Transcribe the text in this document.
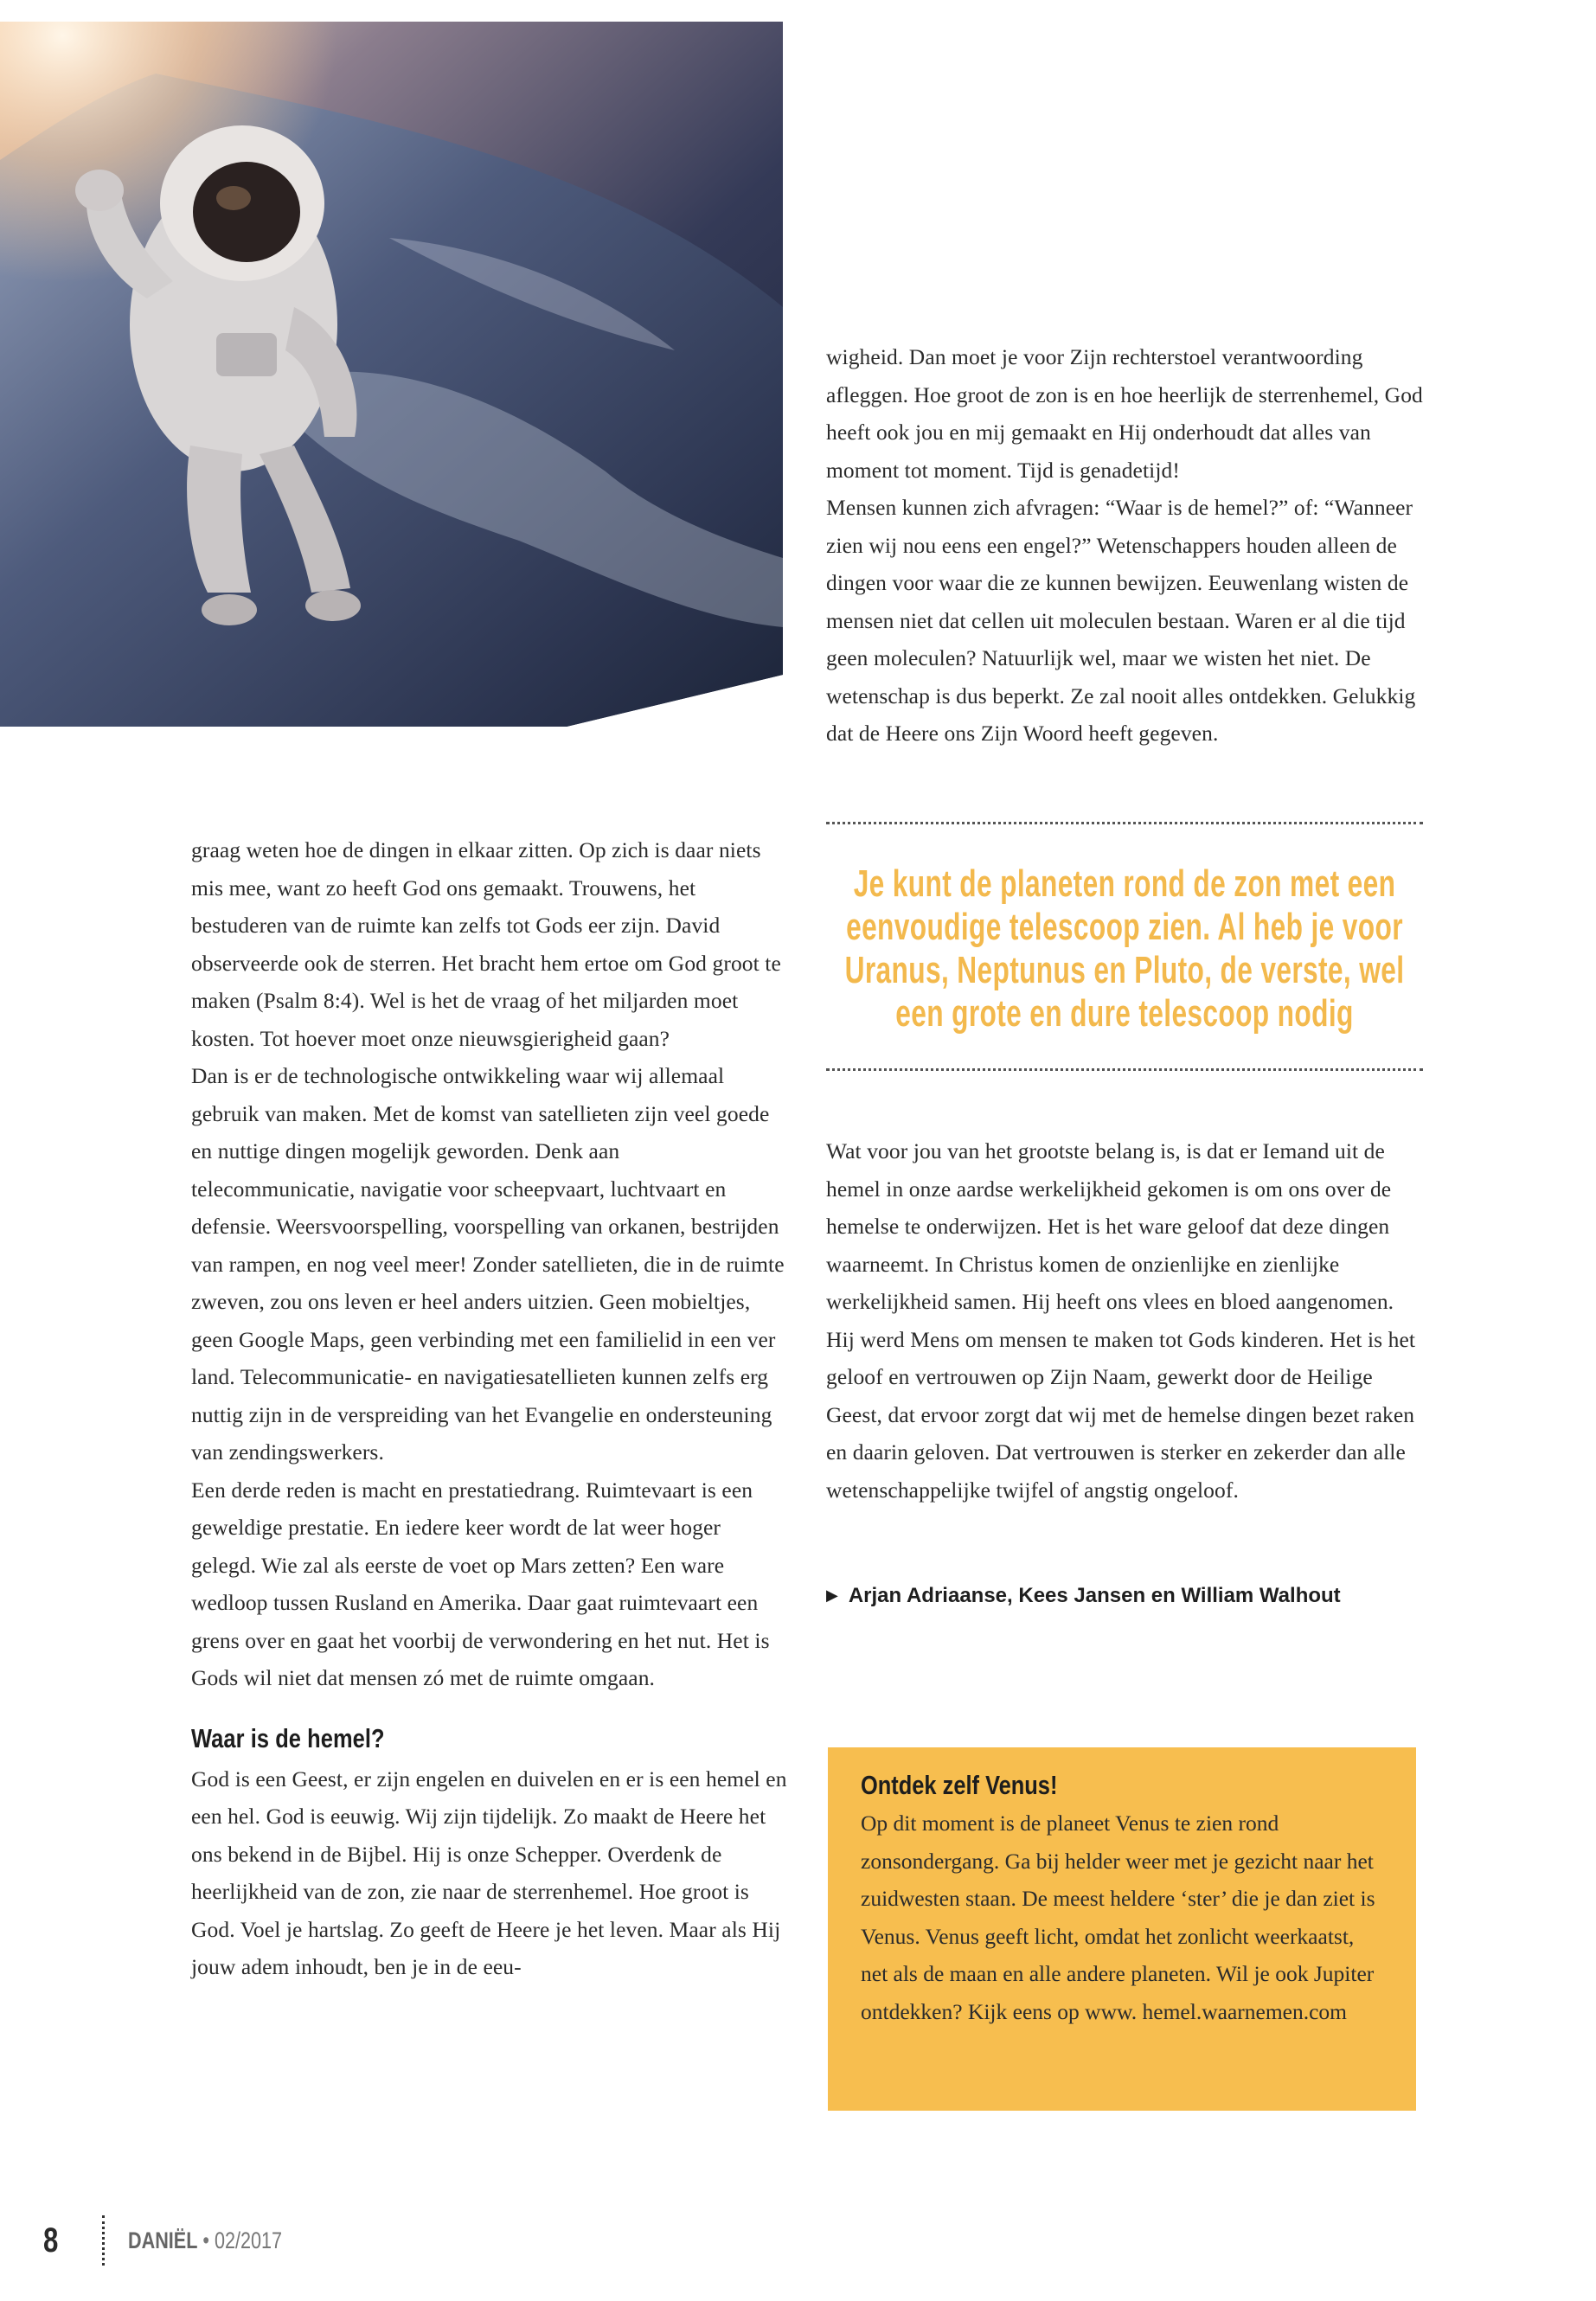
wigheid. Dan moet je voor Zijn rechterstoel verantwoording afleggen. Hoe groot de zon is en hoe heerlijk de sterrenhemel, God heeft ook jou en mij gemaakt en Hij onderhoudt dat alles van moment tot moment. Tijd is genadetijd!

Mensen kunnen zich afvragen: “Waar is de hemel?” of: “Wanneer zien wij nou eens een engel?” Wetenschappers houden alleen de dingen voor waar die ze kunnen bewijzen. Eeuwenlang wisten de mensen niet dat cellen uit moleculen bestaan. Waren er al die tijd geen moleculen? Natuurlijk wel, maar we wisten het niet. De wetenschap is dus beperkt. Ze zal nooit alles ontdekken. Gelukkig dat de Heere ons Zijn Woord heeft gegeven.

Je kunt de planeten rond de zon met een eenvoudige telescoop zien. Al heb je voor Uranus, Neptunus en Pluto, de verste, wel een grote en dure telescoop nodig

graag weten hoe de dingen in elkaar zitten. Op zich is daar niets mis mee, want zo heeft God ons gemaakt. Trouwens, het bestuderen van de ruimte kan zelfs tot Gods eer zijn. David observeerde ook de sterren. Het bracht hem ertoe om God groot te maken (Psalm 8:4). Wel is het de vraag of het miljarden moet kosten. Tot hoever moet onze nieuwsgierigheid gaan?

Dan is er de technologische ontwikkeling waar wij allemaal gebruik van maken. Met de komst van satellieten zijn veel goede en nuttige dingen mogelijk geworden. Denk aan telecommunicatie, navigatie voor scheepvaart, luchtvaart en defensie. Weersvoorspelling, voorspelling van orkanen, bestrijden van rampen, en nog veel meer! Zonder satellieten, die in de ruimte zweven, zou ons leven er heel anders uitzien. Geen mobieltjes, geen Google Maps, geen verbinding met een familielid in een ver land. Telecommunicatie- en navigatiesatellieten kunnen zelfs erg nuttig zijn in de verspreiding van het Evangelie en ondersteuning van zendingswerkers.

Een derde reden is macht en prestatiedrang. Ruimtevaart is een geweldige prestatie. En iedere keer wordt de lat weer hoger gelegd. Wie zal als eerste de voet op Mars zetten? Een ware wedloop tussen Rusland en Amerika. Daar gaat ruimtevaart een grens over en gaat het voorbij de verwondering en het nut. Het is Gods wil niet dat mensen zó met de ruimte omgaan.

Waar is de hemel?

God is een Geest, er zijn engelen en duivelen en er is een hemel en een hel. God is eeuwig. Wij zijn tijdelijk. Zo maakt de Heere het ons bekend in de Bijbel. Hij is onze Schepper. Overdenk de heerlijkheid van de zon, zie naar de sterrenhemel. Hoe groot is God. Voel je hartslag. Zo geeft de Heere je het leven. Maar als Hij jouw adem inhoudt, ben je in de eeu-

Wat voor jou van het grootste belang is, is dat er Iemand uit de hemel in onze aardse werkelijkheid gekomen is om ons over de hemelse te onderwijzen. Het is het ware geloof dat deze dingen waarneemt. In Christus komen de onzienlijke en zienlijke werkelijkheid samen. Hij heeft ons vlees en bloed aangenomen. Hij werd Mens om mensen te maken tot Gods kinderen. Het is het geloof en vertrouwen op Zijn Naam, gewerkt door de Heilige Geest, dat ervoor zorgt dat wij met de hemelse dingen bezet raken en daarin geloven. Dat vertrouwen is sterker en zekerder dan alle wetenschappelijke twijfel of angstig ongeloof.

▶ Arjan Adriaanse, Kees Jansen en William Walhout
Ontdek zelf Venus!
Op dit moment is de planeet Venus te zien rond zonsondergang. Ga bij helder weer met je gezicht naar het zuidwesten staan. De meest heldere ‘ster’ die je dan ziet is Venus. Venus geeft licht, omdat het zonlicht weerkaatst, net als de maan en alle andere planeten. Wil je ook Jupiter ontdekken? Kijk eens op www. hemel.waarnemen.com
8	DANIËL • 02/2017
